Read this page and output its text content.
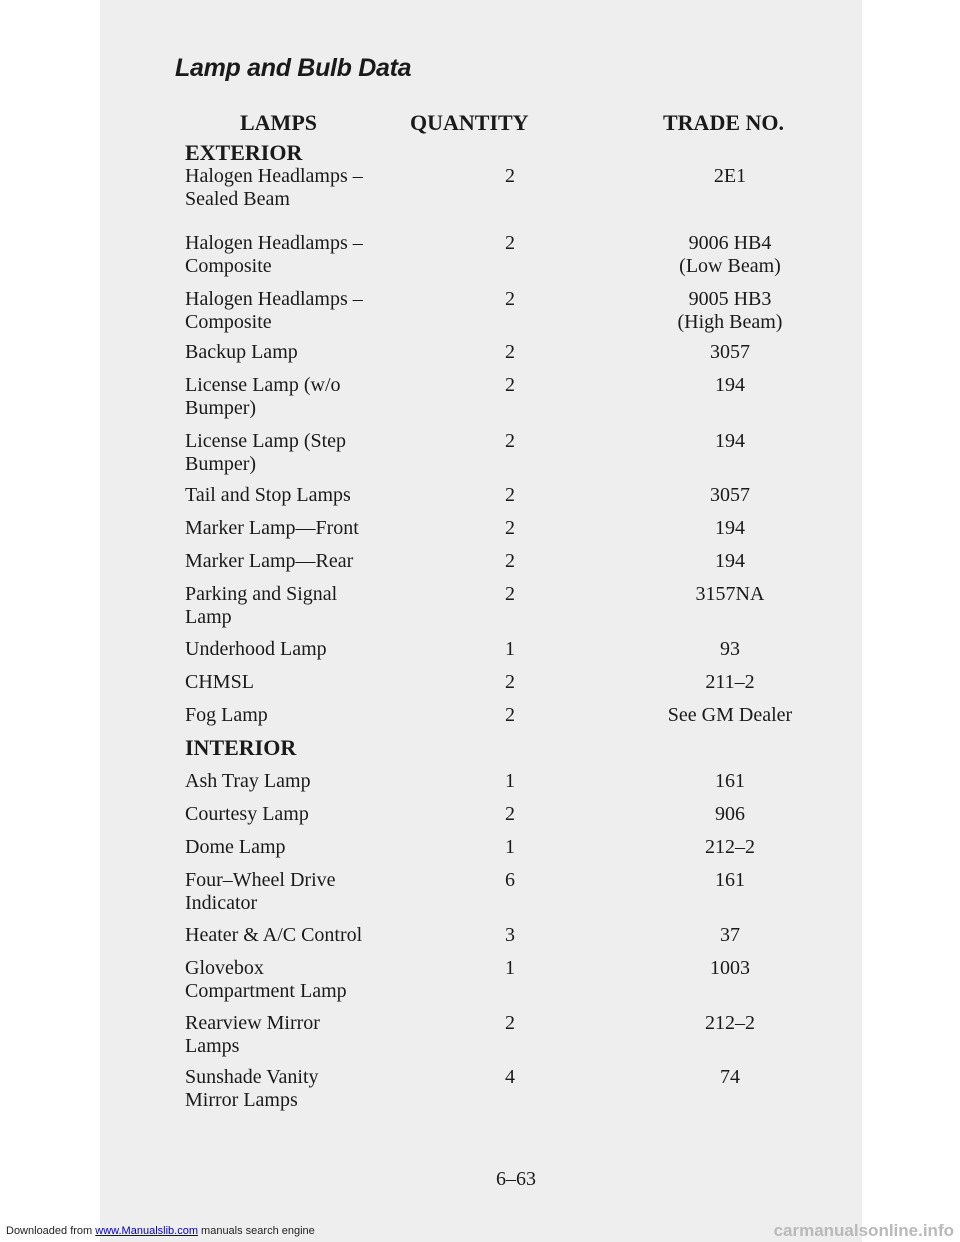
Lamp and Bulb Data
LAMPS	QUANTITY	TRADE NO.
EXTERIOR
Halogen Headlamps –
Sealed Beam
2	2E1
Halogen Headlamps –
Composite
2	9006 HB4
(Low Beam)
Halogen Headlamps –
Composite
2	9005 HB3
(High Beam)
Backup Lamp	2	3057
License Lamp (w/o
Bumper)
2	194
License Lamp (Step
Bumper)
2	194
Tail and Stop Lamps	2	3057
Marker Lamp—Front	2	194
Marker Lamp—Rear	2	194
Parking and Signal
Lamp
2	3157NA
Underhood Lamp	1	93
CHMSL	2	211–2
Fog Lamp	2	See GM Dealer
INTERIOR
Ash Tray Lamp	1	161
Courtesy Lamp	2	906
Dome Lamp	1	212–2
Four–Wheel Drive
Indicator
6	161
Heater & A/C Control	3	37
Glovebox
Compartment Lamp
1	1003
Rearview Mirror
Lamps
2	212–2
Sunshade Vanity
Mirror Lamps
4	74
6–63
Downloaded from www.Manualslib.com manuals search engine	carmanualsonline.info
